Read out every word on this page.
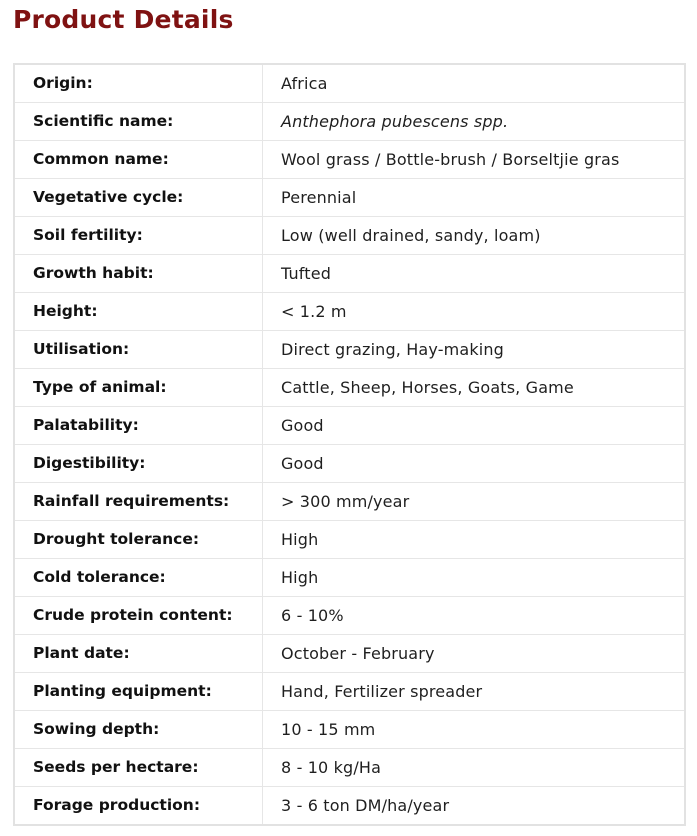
Product Details
Origin:	Africa
Scientific name:	Anthephora pubescens spp.
Common name:	Wool grass / Bottle-brush / Borseltjie gras
Vegetative cycle:	Perennial
Soil fertility:	Low (well drained, sandy, loam)
Growth habit:	Tufted
Height:	< 1.2 m
Utilisation:	Direct grazing, Hay-making
Type of animal:	Cattle, Sheep, Horses, Goats, Game
Palatability:	Good
Digestibility:	Good
Rainfall requirements:	> 300 mm/year
Drought tolerance:	High
Cold tolerance:	High
Crude protein content:	6 - 10%
Plant date:	October - February
Planting equipment:	Hand, Fertilizer spreader
Sowing depth:	10 - 15 mm
Seeds per hectare:	8 - 10 kg/Ha
Forage production:	3 - 6 ton DM/ha/year
